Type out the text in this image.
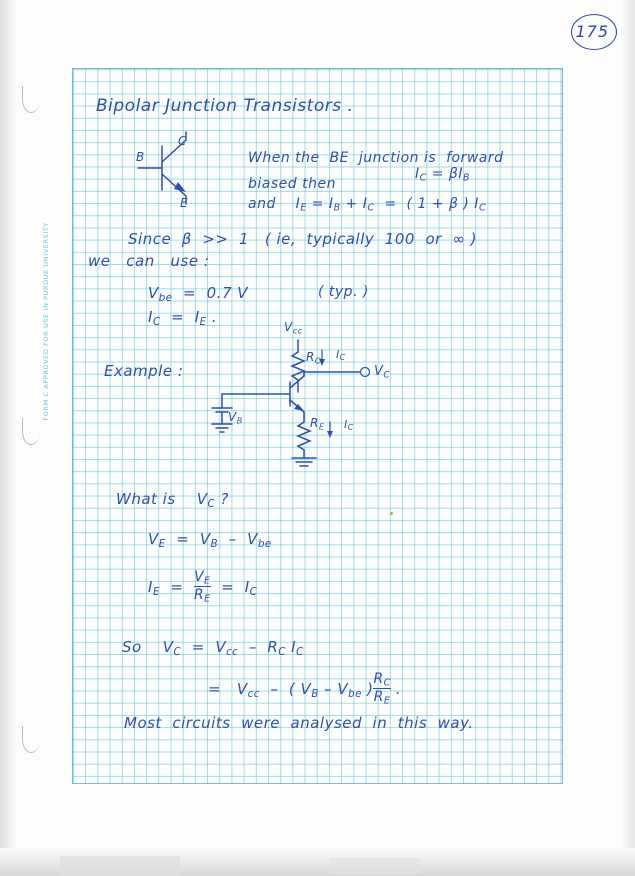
175
FORM C APPROVED FOR USE IN PURDUE UNIVERSITY
Bipolar Junction Transistors .
C
B
E
When the  BE  junction is  forward
$I_C = \beta I_B$
biased then
and    $I_E = I_B + I_C$  =  ( 1 + β ) $I_C$
Since  β  >>  1   ( ie,  typically  100  or  ∞ )
we   can   use :
$V_{be} = 0.7$ V	( typ. )
$I_C = I_E$ .
Example :
$V_{cc}$
$R_C$ $I_C$
$V_C$
$V_B$	$R_E$ $I_C$
What is    $V_C$ ?
$V_E = V_B - V_{be}$
$I_E = \frac{V_E}{R_E} = I_C$
So    $V_C = V_{cc} - R_C$ $I_C$
=   $V_{cc}$  –  ( $V_B - V_{be}$ ) $\frac{R_C}{R_E}$ .
Most  circuits  were  analysed  in  this  way.
